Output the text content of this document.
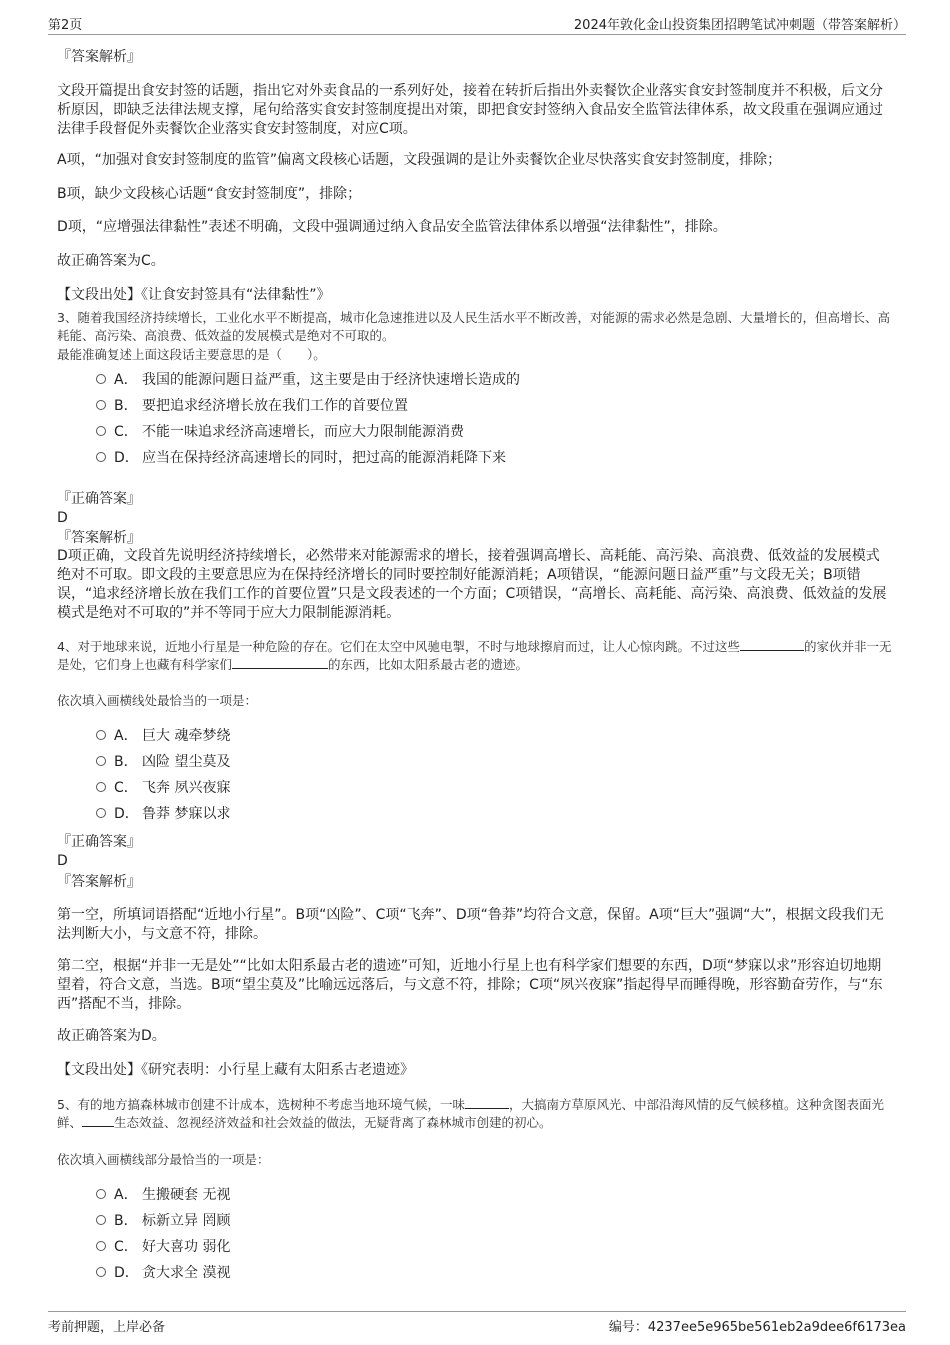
第2页	2024年敦化金山投资集团招聘笔试冲刺题（带答案解析）
『答案解析』
文段开篇提出食安封签的话题，指出它对外卖食品的一系列好处，接着在转折后指出外卖餐饮企业落实食安封签制度并不积极，后文分析原因，即缺乏法律法规支撑，尾句给落实食安封签制度提出对策，即把食安封签纳入食品安全监管法律体系，故文段重在强调应通过法律手段督促外卖餐饮企业落实食安封签制度，对应C项。
A项，“加强对食安封签制度的监管”偏离文段核心话题，文段强调的是让外卖餐饮企业尽快落实食安封签制度，排除；
B项，缺少文段核心话题“食安封签制度”，排除；
D项，“应增强法律黏性”表述不明确，文段中强调通过纳入食品安全监管法律体系以增强“法律黏性”，排除。
故正确答案为C。
【文段出处】《让食安封签具有“法律黏性”》
3、随着我国经济持续增长，工业化水平不断提高，城市化急速推进以及人民生活水平不断改善，对能源的需求必然是急剧、大量增长的，但高增长、高耗能、高污染、高浪费、低效益的发展模式是绝对不可取的。
最能准确复述上面这段话主要意思的是（　　）。
A． 我国的能源问题日益严重，这主要是由于经济快速增长造成的
B． 要把追求经济增长放在我们工作的首要位置
C． 不能一味追求经济高速增长，而应大力限制能源消费
D． 应当在保持经济高速增长的同时，把过高的能源消耗降下来
『正确答案』
D
『答案解析』
D项正确，文段首先说明经济持续增长，必然带来对能源需求的增长，接着强调高增长、高耗能、高污染、高浪费、低效益的发展模式绝对不可取。即文段的主要意思应为在保持经济增长的同时要控制好能源消耗；A项错误，“能源问题日益严重”与文段无关；B项错误，“追求经济增长放在我们工作的首要位置”只是文段表述的一个方面；C项错误，“高增长、高耗能、高污染、高浪费、低效益的发展模式是绝对不可取的”并不等同于应大力限制能源消耗。
4、对于地球来说，近地小行星是一种危险的存在。它们在太空中风驰电掣，不时与地球擦肩而过，让人心惊肉跳。不过这些	的家伙并非一无是处，它们身上也藏有科学家们	的东西，比如太阳系最古老的遗迹。
依次填入画横线处最恰当的一项是：
A． 巨大 魂牵梦绕
B． 凶险 望尘莫及
C． 飞奔 夙兴夜寐
D． 鲁莽 梦寐以求
『正确答案』
D
『答案解析』
第一空，所填词语搭配“近地小行星”。B项“凶险”、C项“飞奔”、D项“鲁莽”均符合文意，保留。A项“巨大”强调“大”，根据文段我们无法判断大小，与文意不符，排除。
第二空，根据“并非一无是处”“比如太阳系最古老的遗迹”可知，近地小行星上也有科学家们想要的东西，D项“梦寐以求”形容迫切地期望着，符合文意，当选。B项“望尘莫及”比喻远远落后，与文意不符，排除；C项“夙兴夜寐”指起得早而睡得晚，形容勤奋劳作，与“东西”搭配不当，排除。
故正确答案为D。
【文段出处】《研究表明：小行星上藏有太阳系古老遗迹》
5、有的地方搞森林城市创建不计成本，选树种不考虑当地环境气候，一味	，大搞南方草原风光、中部沿海风情的反气候移植。这种贪图表面光鲜、	生态效益、忽视经济效益和社会效益的做法，无疑背离了森林城市创建的初心。
依次填入画横线部分最恰当的一项是：
A． 生搬硬套 无视
B． 标新立异 罔顾
C． 好大喜功 弱化
D． 贪大求全 漠视
考前押题，上岸必备	编号：4237ee5e965be561eb2a9dee6f6173ea
